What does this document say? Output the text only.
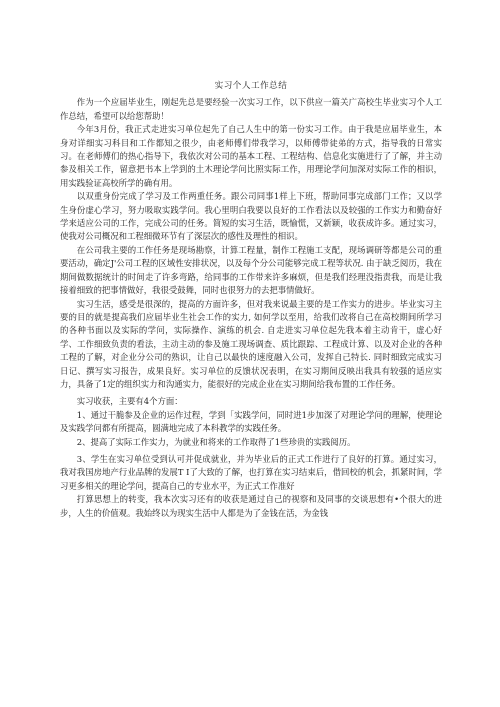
实习个人工作总结

作为一个应届毕业生，刚起先总是要经验一次实习工作，以下供应一篇关广高校生毕业实习个人工作总结，希望可以给您帮助！

今年3月份，我正式走进实习单位起先了自己人生中的第一份实习工作。由于我是应届毕业生，本身对详细实习科目和工作都知之很少，由老师傅们带我学习，以师傅带徒弟的方式，指导我的日常实习。在老师傅们的热心指导下，我依次对公司的基本工程、工程结构、信息化实施进行了了解，并主动参及相关工作，留意把书本上学到的土木理论学问比照实际工作，用理论学问加深对实际工作的相识，用实践验证高校所学的确有用。

以双重身份完成了学习及工作两重任务。跟公司同事1样上下班，帮助同事完成部门工作；又以学生身份虚心学习，努力吸取实践学问。我心里明白我要以良好的工作看法以及较强的工作实力和勤奋好学来适应公司的工作，完成公司的任务。简短的实习生活，既愉慌，又新颖，收获成许多。通过实习，使我对公司概况和工程细微环节有了深层次的感性及理性的相识。

在公司我主要的工作任务是现场勘察，计算工程量，制作工程施工支配，现场调研等都是公司的重要活动，确定J'公司工程的区域性安排状况，以及每个分公司能够完成工程等状况. 由于缺乏阅历，我在期间做数据统计的时间走了许多弯路，给同事的工作带来许多麻烦，但是我们经理没指责我，而是让我接着细致的把事情做好，我很受鼓舞，同时也很努力的去把事情做好。

实习生活，感受是很深的，提高的方面许多，但对我来说最主要的是工作实力的进步。毕业实习主要的目的就是提高我们应届毕业生社会工作的实力, 如何学以至用，给我们改将自己在高校期间所学习的各种书面以及实际的学问，实际操作、演练的机会. 自走进实习单位起先我本着主动肯干，虚心好学、工作细致负责的看法，主动主动的参及施工现场调查、质比跟踪、工程成计算、以及对企业的各种工程的了解，对企业分公司的熟识，让自己以最快的速度融入公司，发挥自己特长. 同时细致完成实习日记、撰写实习报告，成果良好。实习单位的反馈状况表明，在实习期间反映出我具有较强的适应实力，具备了1定的组织实力和沟通实力，能很好的完成企业在实习期间给我布置的工作任务。

实习收获，主要有4个方面：

1、通过干脆参及企业的运作过程，学到「实践学问，同时进1步加深了对理论学问的理解，使理论及实践学问都有所提高，圆满地完成了本科教学的实践任务。

2、提高了实际工作实力，为就业和将来的工作取得了1些珍贵的实践阅历。

3、学生在实习单位受到认可并促成就业，并为毕业后的正式工作进行了良好的打算。通过实习，我对我国房地产行业品牌的发展T I了大致的了解，也打算在实习结束后，借回校的机会，抓紧时间，学习更多相关的理论学问，提高自己的专业水平，为正式工作准好

打算思想上的转变，我本次实习还有的收获是通过自己的视察和及同事的交谈思想有•个很大的进步，人生的价值观。我始终以为现实生活中人都是为了金钱在活，为金钱
